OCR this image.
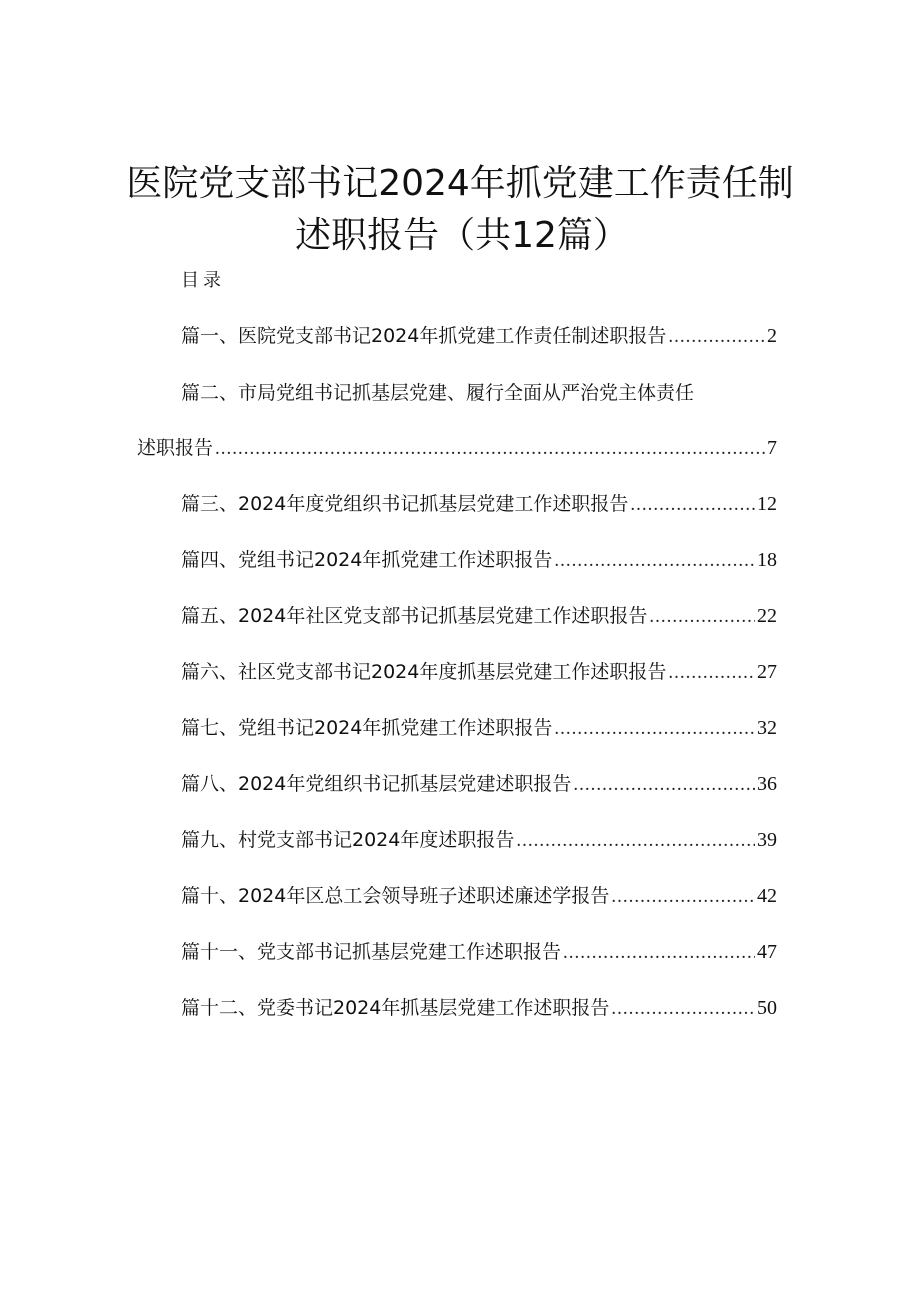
医院党支部书记2024年抓党建工作责任制
述职报告（共12篇）
目录
篇一、医院党支部书记2024年抓党建工作责任制述职报告 .....	2
篇二、市局党组书记抓基层党建、履行全面从严治党主体责任
述职报告 .....	7
篇三、2024年度党组织书记抓基层党建工作述职报告 .....	12
篇四、党组书记2024年抓党建工作述职报告 .....	18
篇五、2024年社区党支部书记抓基层党建工作述职报告 .....	22
篇六、社区党支部书记2024年度抓基层党建工作述职报告 .....	27
篇七、党组书记2024年抓党建工作述职报告 .....	32
篇八、2024年党组织书记抓基层党建述职报告 .....	36
篇九、村党支部书记2024年度述职报告 .....	39
篇十、2024年区总工会领导班子述职述廉述学报告 .....	42
篇十一、党支部书记抓基层党建工作述职报告 .....	47
篇十二、党委书记2024年抓基层党建工作述职报告 .....	50
